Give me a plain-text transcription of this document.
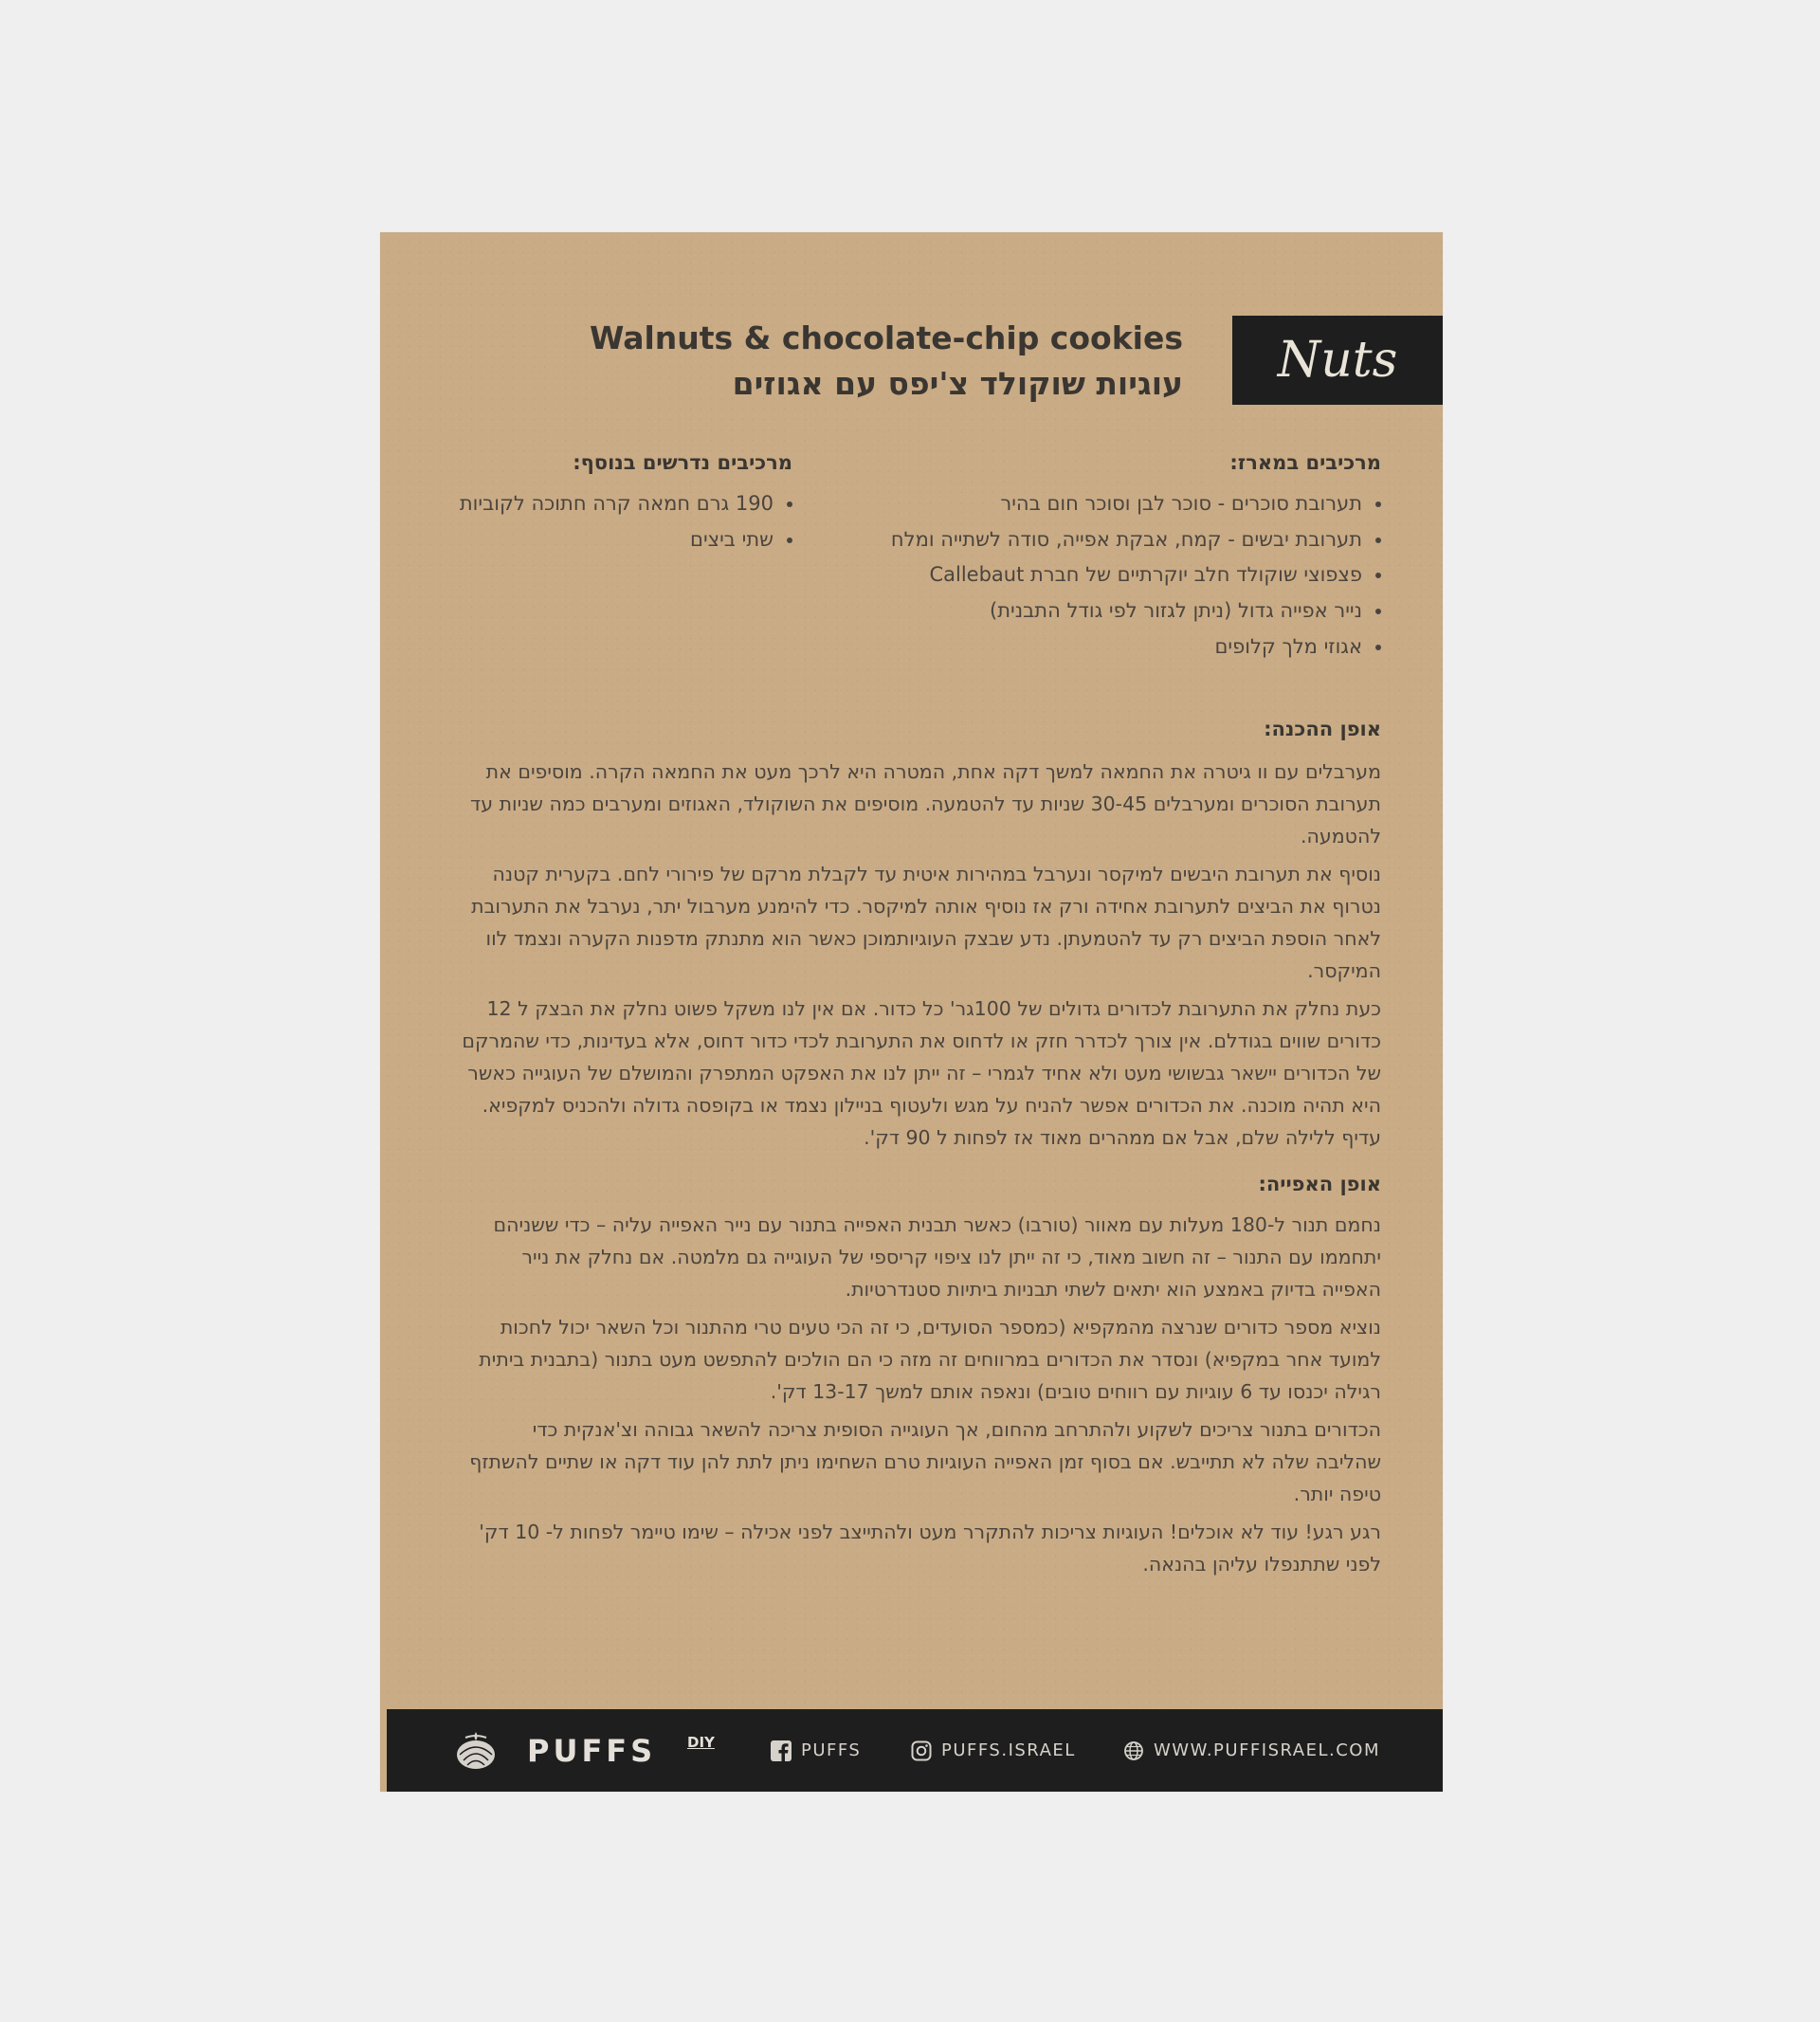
Nuts
Walnuts & chocolate-chip cookies
עוגיות שוקולד צ'יפס עם אגוזים
מרכיבים במארז:
תערובת סוכרים - סוכר לבן וסוכר חום בהיר
תערובת יבשים - קמח, אבקת אפייה, סודה לשתייה ומלח
פצפוצי שוקולד חלב יוקרתיים של חברת Callebaut
נייר אפייה גדול (ניתן לגזור לפי גודל התבנית)
אגוזי מלך קלופים
מרכיבים נדרשים בנוסף:
190 גרם חמאה קרה חתוכה לקוביות
שתי ביצים
אופן ההכנה:

מערבלים עם וו גיטרה את החמאה למשך דקה אחת, המטרה היא לרכך מעט את החמאה הקרה. מוסיפים את תערובת הסוכרים ומערבלים 30-45 שניות עד להטמעה. מוסיפים את השוקולד, האגוזים ומערבים כמה שניות עד להטמעה.

נוסיף את תערובת היבשים למיקסר ונערבל במהירות איטית עד לקבלת מרקם של פירורי לחם. בקערית קטנה נטרוף את הביצים לתערובת אחידה ורק אז נוסיף אותה למיקסר. כדי להימנע מערבול יתר, נערבל את התערובת לאחר הוספת הביצים רק עד להטמעתן. נדע שבצק העוגיותמוכן כאשר הוא מתנתק מדפנות הקערה ונצמד לוו המיקסר.

כעת נחלק את התערובת לכדורים גדולים של 100גר' כל כדור. אם אין לנו משקל פשוט נחלק את הבצק ל 12 כדורים שווים בגודלם. אין צורך לכדרר חזק או לדחוס את התערובת לכדי כדור דחוס, אלא בעדינות, כדי שהמרקם של הכדורים יישאר גבשושי מעט ולא אחיד לגמרי – זה ייתן לנו את האפקט המתפרק והמושלם של העוגייה כאשר היא תהיה מוכנה. את הכדורים אפשר להניח על מגש ולעטוף בניילון נצמד או בקופסה גדולה ולהכניס למקפיא. עדיף ללילה שלם, אבל אם ממהרים מאוד אז לפחות ל 90 דק'.

אופן האפייה:

נחמם תנור ל-180 מעלות עם מאוור (טורבו) כאשר תבנית האפייה בתנור עם נייר האפייה עליה – כדי ששניהם יתחממו עם התנור – זה חשוב מאוד, כי זה ייתן לנו ציפוי קריספי של העוגייה גם מלמטה. אם נחלק את נייר האפייה בדיוק באמצע הוא יתאים לשתי תבניות ביתיות סטנדרטיות.

נוציא מספר כדורים שנרצה מהמקפיא (כמספר הסועדים, כי זה הכי טעים טרי מהתנור וכל השאר יכול לחכות למועד אחר במקפיא) ונסדר את הכדורים במרווחים זה מזה כי הם הולכים להתפשט מעט בתנור (בתבנית ביתית רגילה יכנסו עד 6 עוגיות עם רווחים טובים) ונאפה אותם למשך 13-17 דק'.

הכדורים בתנור צריכים לשקוע ולהתרחב מהחום, אך העוגייה הסופית צריכה להשאר גבוהה וצ'אנקית כדי שהליבה שלה לא תתייבש. אם בסוף זמן האפייה העוגיות טרם השחימו ניתן לתת להן עוד דקה או שתיים להשתזף טיפה יותר.

רגע רגע! עוד לא אוכלים! העוגיות צריכות להתקרר מעט ולהתייצב לפני אכילה – שימו טיימר לפחות ל- 10 דק' לפני שתתנפלו עליהן בהנאה.

PUFFS DIY	PUFFS	PUFFS.ISRAEL	WWW.PUFFISRAEL.COM
